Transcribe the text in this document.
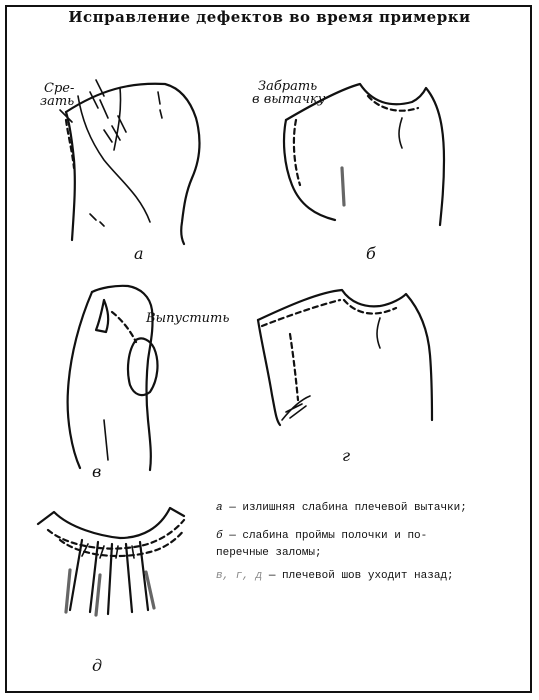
Исправление дефектов во время примерки
Сре-
зать
а
Забрать
в вытачку
б
Выпустить
в
г
д
а — излишняя слабина плечевой вытачки;
б — слабина проймы полочки и по-
перечные заломы;
в, г, д — плечевой шов уходит назад;
